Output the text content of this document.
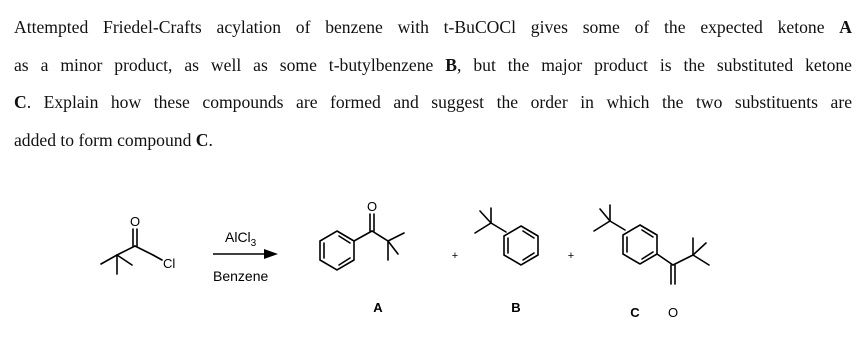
Attempted Friedel-Crafts acylation of benzene with t-BuCOCl gives some of the expected ketone A
as a minor product, as well as some t-butylbenzene B, but the major product is the substituted ketone
C. Explain how these compounds are formed and suggest the order in which the two substituents are
added to form compound C.
O
Cl
AlCl$_3$
Benzene
O
A
+
B
+
O
C
